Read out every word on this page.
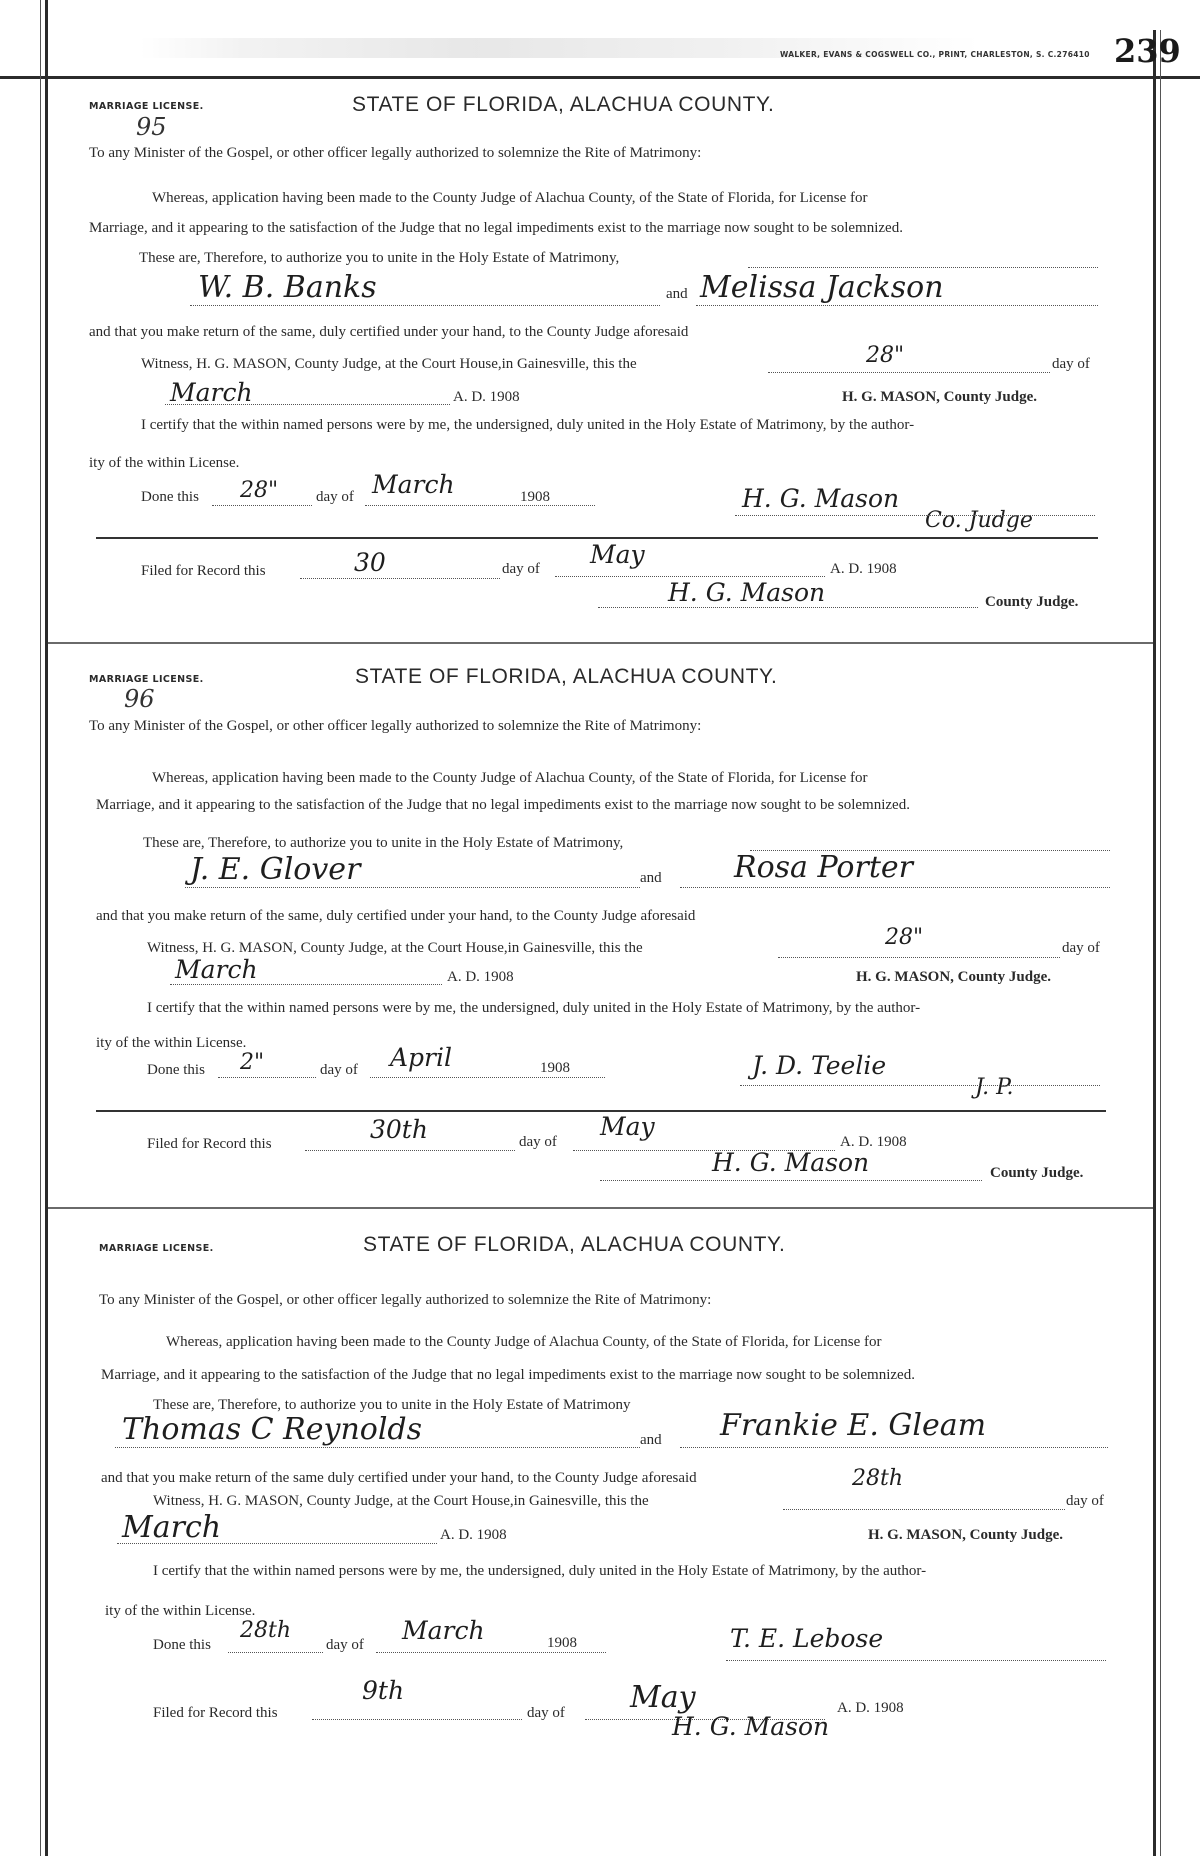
WALKER, EVANS & COGSWELL CO., PRINT, CHARLESTON, S. C.276410 239
MARRIAGE LICENSE.	STATE OF FLORIDA, ALACHUA COUNTY.
95
To any Minister of the Gospel, or other officer legally authorized to solemnize the Rite of Matrimony:
Whereas, application having been made to the County Judge of Alachua County, of the State of Florida, for License for
Marriage, and it appearing to the satisfaction of the Judge that no legal impediments exist to the marriage now sought to be solemnized.
These are, Therefore, to authorize you to unite in the Holy Estate of Matrimony,
W. B. Banks	and Melissa Jackson
and that you make return of the same, duly certified under your hand, to the County Judge aforesaid
Witness, H. G. MASON, County Judge, at the Court House,in Gainesville, this the	28"	day of
March	A. D. 1908	H. G. MASON, County Judge.
I certify that the within named persons were by me, the undersigned, duly united in the Holy Estate of Matrimony, by the author-
ity of the within License.
Done this 28"	day of March	1908	H. G. Mason
Co. Judge
Filed for Record this	30	day of May	A. D. 1908
H. G. Mason	County Judge.
MARRIAGE LICENSE.	STATE OF FLORIDA, ALACHUA COUNTY.
96
To any Minister of the Gospel, or other officer legally authorized to solemnize the Rite of Matrimony:
Whereas, application having been made to the County Judge of Alachua County, of the State of Florida, for License for
Marriage, and it appearing to the satisfaction of the Judge that no legal impediments exist to the marriage now sought to be solemnized.
These are, Therefore, to authorize you to unite in the Holy Estate of Matrimony,
J. E. Glover	and Rosa Porter
and that you make return of the same, duly certified under your hand, to the County Judge aforesaid
Witness, H. G. MASON, County Judge, at the Court House,in Gainesville, this the	28"	day of
March	A. D. 1908	H. G. MASON, County Judge.
I certify that the within named persons were by me, the undersigned, duly united in the Holy Estate of Matrimony, by the author-
ity of the within License.
Done this 2"	day of April	1908	J. D. Teelie
J. P.
Filed for Record this	30th	day of
May
A. D. 1908
H. G. Mason	County Judge.
MARRIAGE LICENSE.	STATE OF FLORIDA, ALACHUA COUNTY.
To any Minister of the Gospel, or other officer legally authorized to solemnize the Rite of Matrimony:
Whereas, application having been made to the County Judge of Alachua County, of the State of Florida, for License for
Marriage, and it appearing to the satisfaction of the Judge that no legal impediments exist to the marriage now sought to be solemnized.
These are, Therefore, to authorize you to unite in the Holy Estate of Matrimony
Thomas C Reynolds	and Frankie E. Gleam
and that you make return of the same duly certified under your hand, to the County Judge aforesaid
Witness, H. G. MASON, County Judge, at the Court House,in Gainesville, this the
28th
day of
March	A. D. 1908	H. G. MASON, County Judge.
I certify that the within named persons were by me, the undersigned, duly united in the Holy Estate of Matrimony, by the author-
ity of the within License.
Done this
28th
day of March	1908	T. E. Lebose
Filed for Record this
9th
day of May	A. D. 1908
H. G. Mason
